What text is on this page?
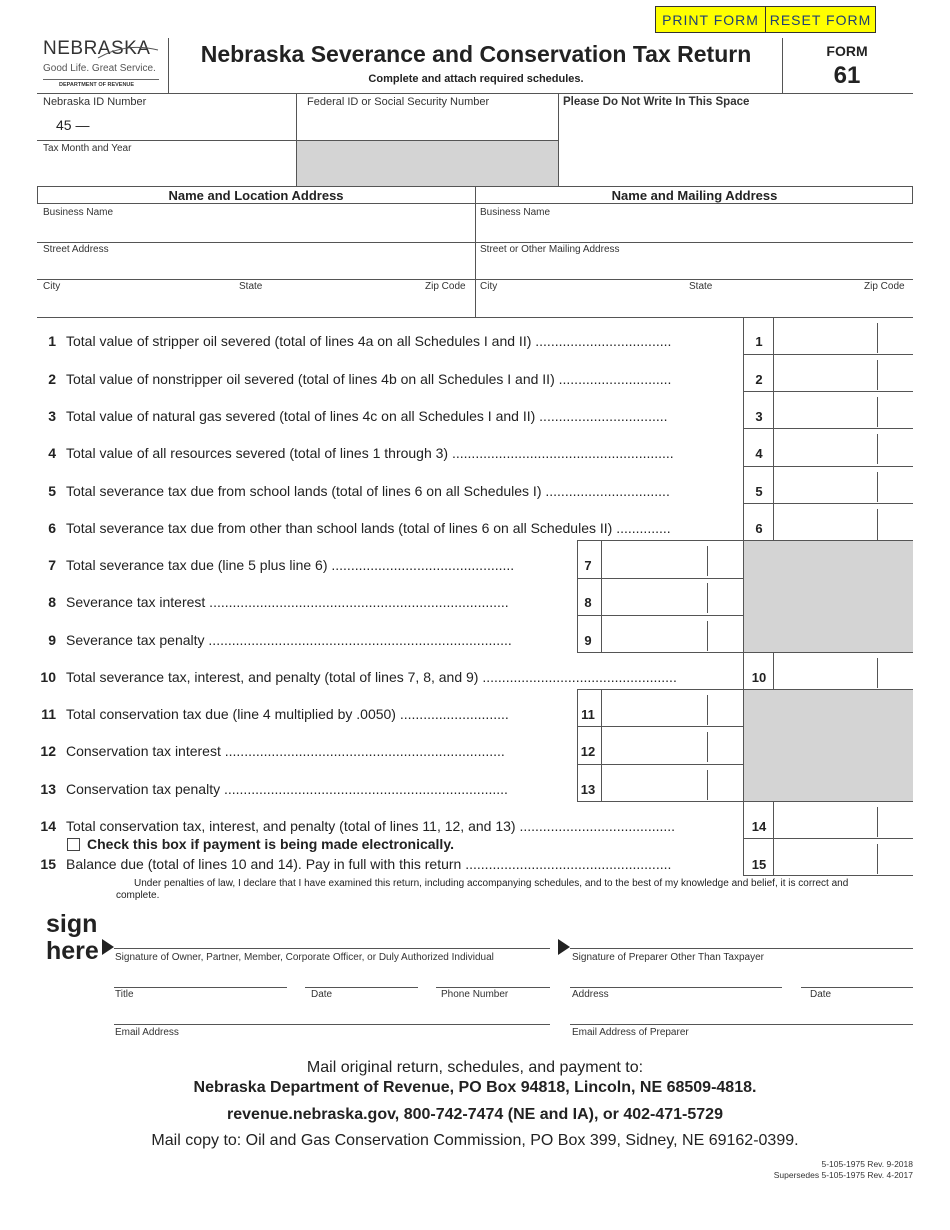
PRINT FORM RESET FORM
NEBRASKA
Good Life. Great Service.
DEPARTMENT OF REVENUE
Nebraska Severance and Conservation Tax Return
Complete and attach required schedules.
FORM
61
Nebraska ID Number
45 —
Federal ID or Social Security Number	Please Do Not Write In This Space
Tax Month and Year
Name and Location Address	Name and Mailing Address
Business Name	Business Name
Street Address	Street or Other Mailing Address
City	State	Zip Code City	State	Zip Code
1 Total value of stripper oil severed (total of lines 4a on all Schedules I and II) ...................................	1
2 Total value of nonstripper oil severed (total of lines 4b on all Schedules I and II) .............................	2
3 Total value of natural gas severed (total of lines 4c on all Schedules I and II) .................................	3
4 Total value of all resources severed (total of lines 1 through 3) .........................................................	4
5 Total severance tax due from school lands (total of lines 6 on all Schedules I) ................................	5
6 Total severance tax due from other than school lands (total of lines 6 on all Schedules II) ..............	6
7 Total severance tax due (line 5 plus line 6) ...............................................	7
8 Severance tax interest .............................................................................	8
9 Severance tax penalty ..............................................................................	9
10 Total severance tax, interest, and penalty (total of lines 7, 8, and 9) ..................................................	10
11 Total conservation tax due (line 4 multiplied by .0050) ............................	11
12 Conservation tax interest ........................................................................	12
13 Conservation tax penalty .........................................................................	13
14 Total conservation tax, interest, and penalty (total of lines 11, 12, and 13) ........................................	14
15 Balance due (total of lines 10 and 14). Pay in full with this return .....................................................	15
Check this box if payment is being made electronically.
Under penalties of law, I declare that I have examined this return, including accompanying schedules, and to the best of my knowledge and belief, it is correct and complete.
sign
here Signature of Owner, Partner, Member, Corporate Officer, or Duly Authorized Individual	Signature of Preparer Other Than Taxpayer
Title	Date	Phone Number	Address	Date
Email Address	Email Address of Preparer
Mail original return, schedules, and payment to:
Nebraska Department of Revenue, PO Box 94818, Lincoln, NE 68509-4818.
revenue.nebraska.gov, 800-742-7474 (NE and IA), or 402-471-5729
Mail copy to: Oil and Gas Conservation Commission, PO Box 399, Sidney, NE 69162-0399.
5-105-1975 Rev. 9-2018
Supersedes 5-105-1975 Rev. 4-2017
